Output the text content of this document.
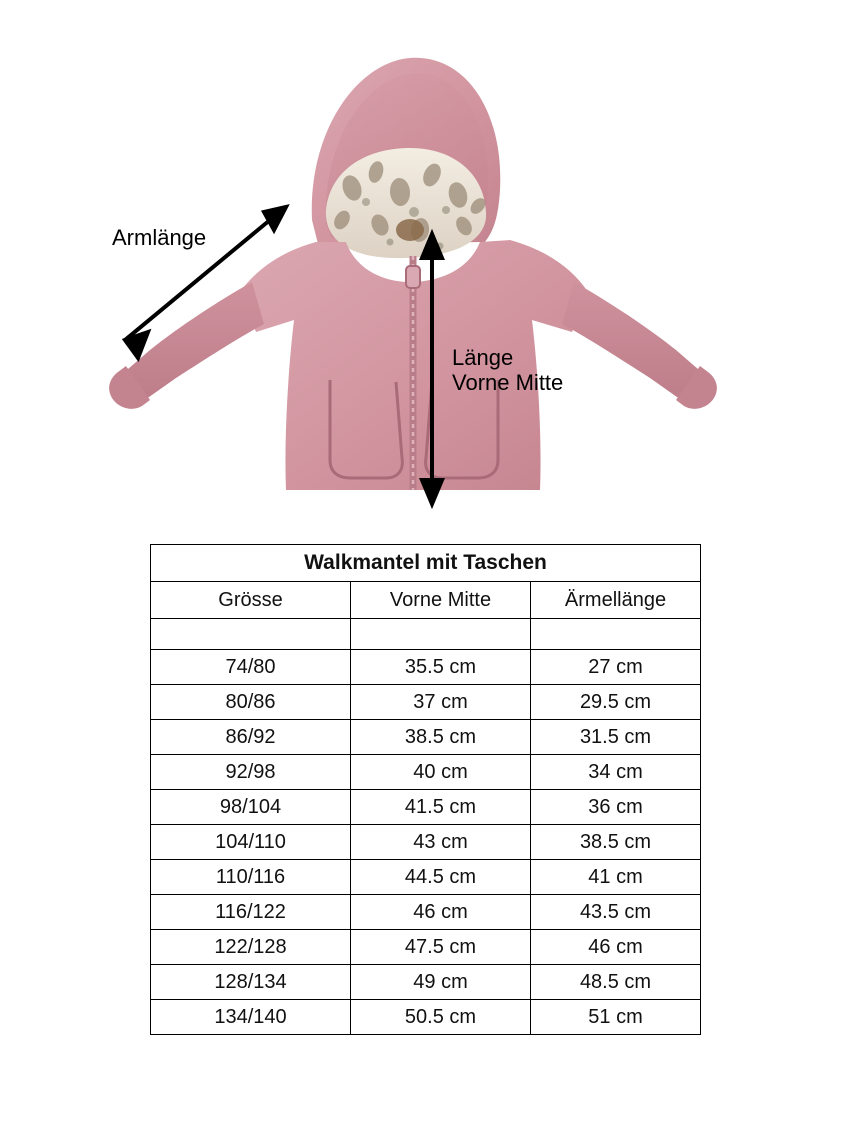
Armlänge
Länge
Vorne Mitte
Walkmantel mit Taschen		
Grösse	Vorne Mitte	Ärmellänge

74/80	35.5 cm	27 cm
80/86	37 cm	29.5 cm
86/92	38.5 cm	31.5 cm
92/98	40 cm	34 cm
98/104	41.5 cm	36 cm
104/110	43 cm	38.5 cm
110/116	44.5 cm	41 cm
116/122	46 cm	43.5 cm
122/128	47.5 cm	46 cm
128/134	49 cm	48.5 cm
134/140	50.5 cm	51 cm
